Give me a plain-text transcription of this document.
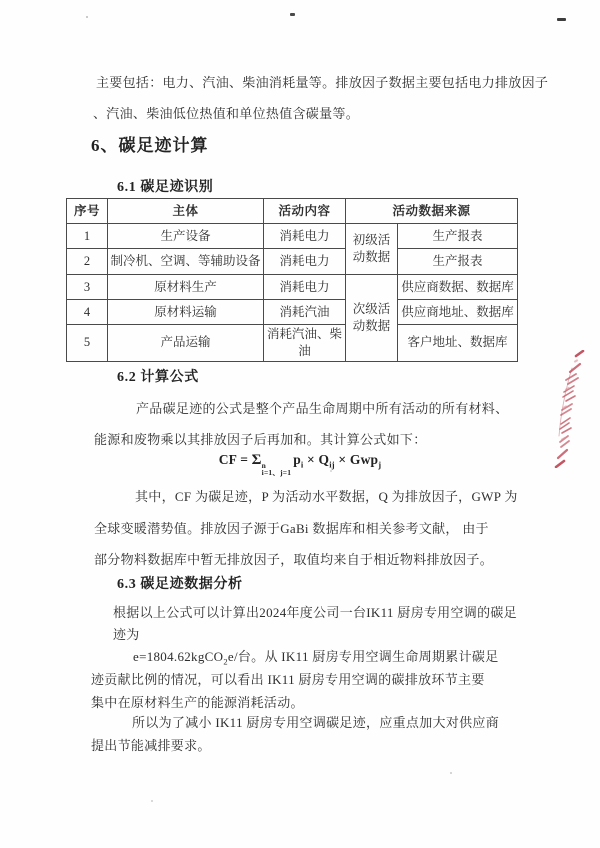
主要包括：电力、汽油、柴油消耗量等。排放因子数据主要包括电力排放因子
、汽油、柴油低位热值和单位热值含碳量等。
6、碳足迹计算
6.1 碳足迹识别
序号	主体	活动内容	活动数据来源	
1	生产设备	消耗电力	初级活动数据	生产报表
2	制冷机、空调、等辅助设备	消耗电力		生产报表
3	原材料生产	消耗电力	次级活动数据	供应商数据、数据库
4	原材料运输	消耗汽油		供应商地址、数据库
5	产品运输	消耗汽油、柴油		客户地址、数据库
6.2 计算公式
产品碳足迹的公式是整个产品生命周期中所有活动的所有材料、
能源和废物乘以其排放因子后再加和。其计算公式如下：
CF = Σ n
i=1、j=1
$p_i \times Q_{ij} \times Gwp_j$
其中，CF 为碳足迹，P 为活动水平数据，Q 为排放因子，GWP 为
全球变暖潜势值。排放因子源于GaBi 数据库和相关参考文献， 由于
部分物料数据库中暂无排放因子，取值均来自于相近物料排放因子。
6.3 碳足迹数据分析
根据以上公式可以计算出2024年度公司一台IK11 厨房专用空调的碳足
迹为
e=1804.62kgCO$_2$e/台。从 IK11 厨房专用空调生命周期累计碳足
迹贡献比例的情况，可以看出 IK11 厨房专用空调的碳排放环节主要
集中在原材料生产的能源消耗活动。
所以为了减小 IK11 厨房专用空调碳足迹，应重点加大对供应商
提出节能减排要求。
